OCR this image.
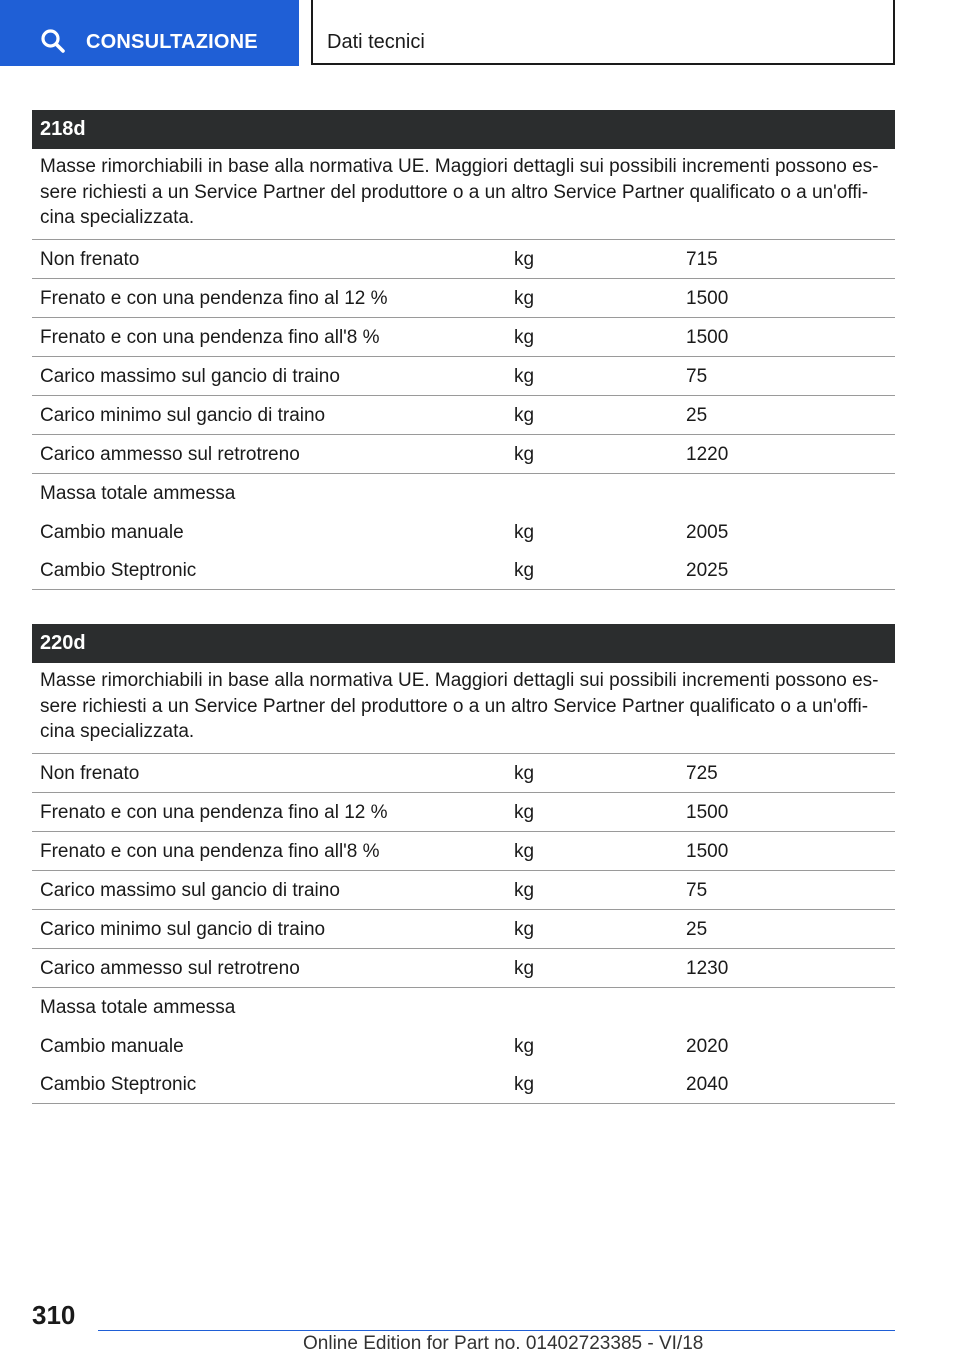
CONSULTAZIONE	Dati tecnici
218d
Masse rimorchiabili in base alla normativa UE. Maggiori dettagli sui possibili incrementi possono es- sere richiesti a un Service Partner del produttore o a un altro Service Partner qualificato o a un'offi- cina specializzata.
Non frenato	kg	715
Frenato e con una pendenza fino al 12 %	kg	1500
Frenato e con una pendenza fino all'8 %	kg	1500
Carico massimo sul gancio di traino	kg	75
Carico minimo sul gancio di traino	kg	25
Carico ammesso sul retrotreno	kg	1220
Massa totale ammessa
Cambio manuale	kg	2005
Cambio Steptronic	kg	2025
220d
Masse rimorchiabili in base alla normativa UE. Maggiori dettagli sui possibili incrementi possono es- sere richiesti a un Service Partner del produttore o a un altro Service Partner qualificato o a un'offi- cina specializzata.
Non frenato	kg	725
Frenato e con una pendenza fino al 12 %	kg	1500
Frenato e con una pendenza fino all'8 %	kg	1500
Carico massimo sul gancio di traino	kg	75
Carico minimo sul gancio di traino	kg	25
Carico ammesso sul retrotreno	kg	1230
Massa totale ammessa
Cambio manuale	kg	2020
Cambio Steptronic	kg	2040
310
Online Edition for Part no. 01402723385 - VI/18
